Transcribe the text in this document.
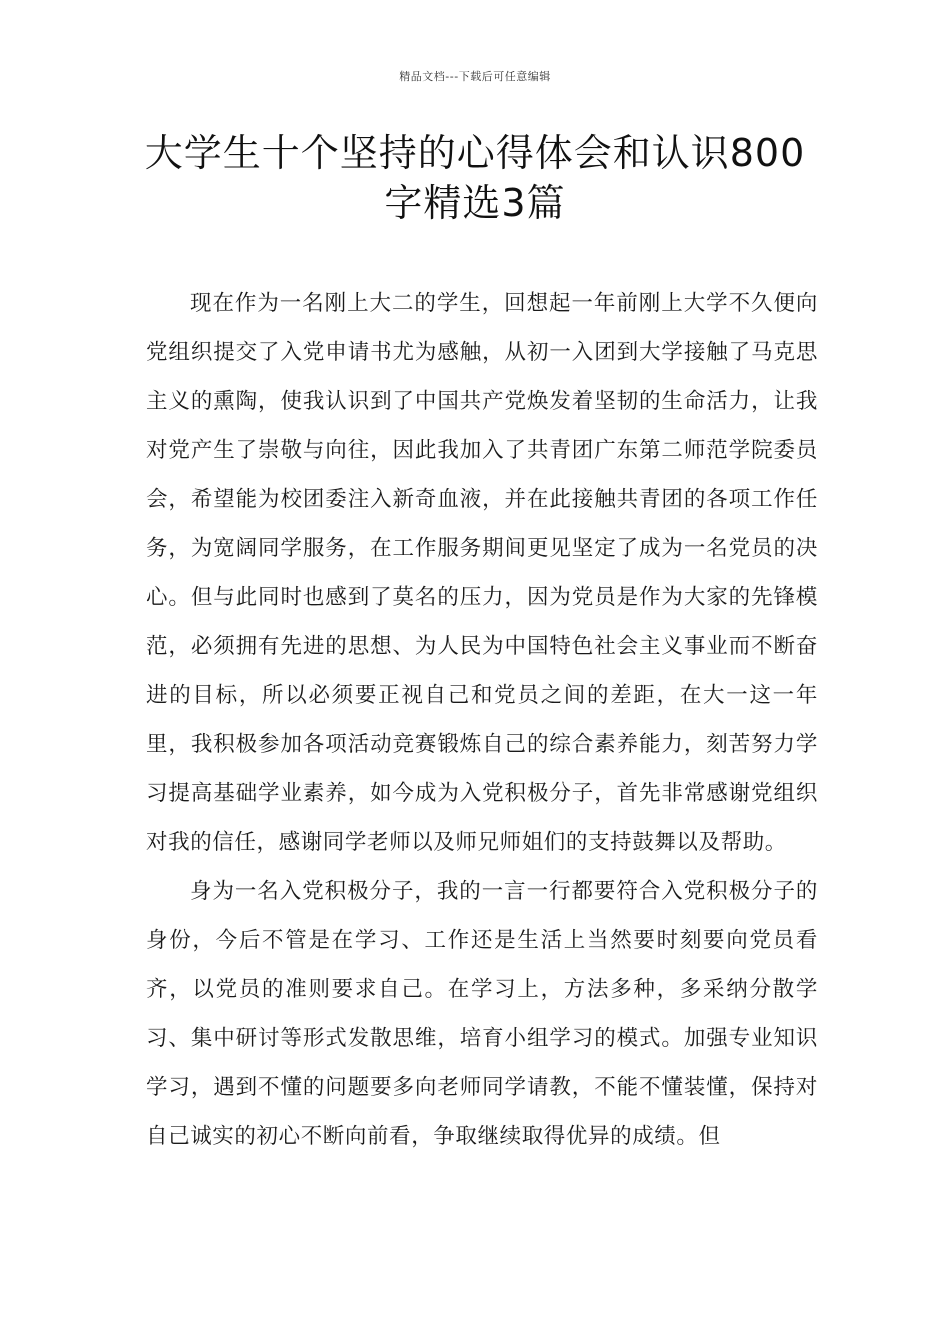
精品文档---下载后可任意编辑
大学生十个坚持的心得体会和认识800
字精选3篇

现在作为一名刚上大二的学生，回想起一年前刚上大学不久便向党组织提交了入党申请书尤为感触，从初一入团到大学接触了马克思主义的熏陶，使我认识到了中国共产党焕发着坚韧的生命活力，让我对党产生了崇敬与向往，因此我加入了共青团广东第二师范学院委员会，希望能为校团委注入新奇血液，并在此接触共青团的各项工作任务，为宽阔同学服务，在工作服务期间更见坚定了成为一名党员的决心。但与此同时也感到了莫名的压力，因为党员是作为大家的先锋模范，必须拥有先进的思想、为人民为中国特色社会主义事业而不断奋进的目标，所以必须要正视自己和党员之间的差距，在大一这一年里，我积极参加各项活动竞赛锻炼自己的综合素养能力，刻苦努力学习提高基础学业素养，如今成为入党积极分子，首先非常感谢党组织对我的信任，感谢同学老师以及师兄师姐们的支持鼓舞以及帮助。

身为一名入党积极分子，我的一言一行都要符合入党积极分子的身份，今后不管是在学习、工作还是生活上当然要时刻要向党员看齐，以党员的准则要求自己。在学习上，方法多种，多采纳分散学习、集中研讨等形式发散思维，培育小组学习的模式。加强专业知识学习，遇到不懂的问题要多向老师同学请教，不能不懂装懂，保持对自己诚实的初心不断向前看，争取继续取得优异的成绩。但
